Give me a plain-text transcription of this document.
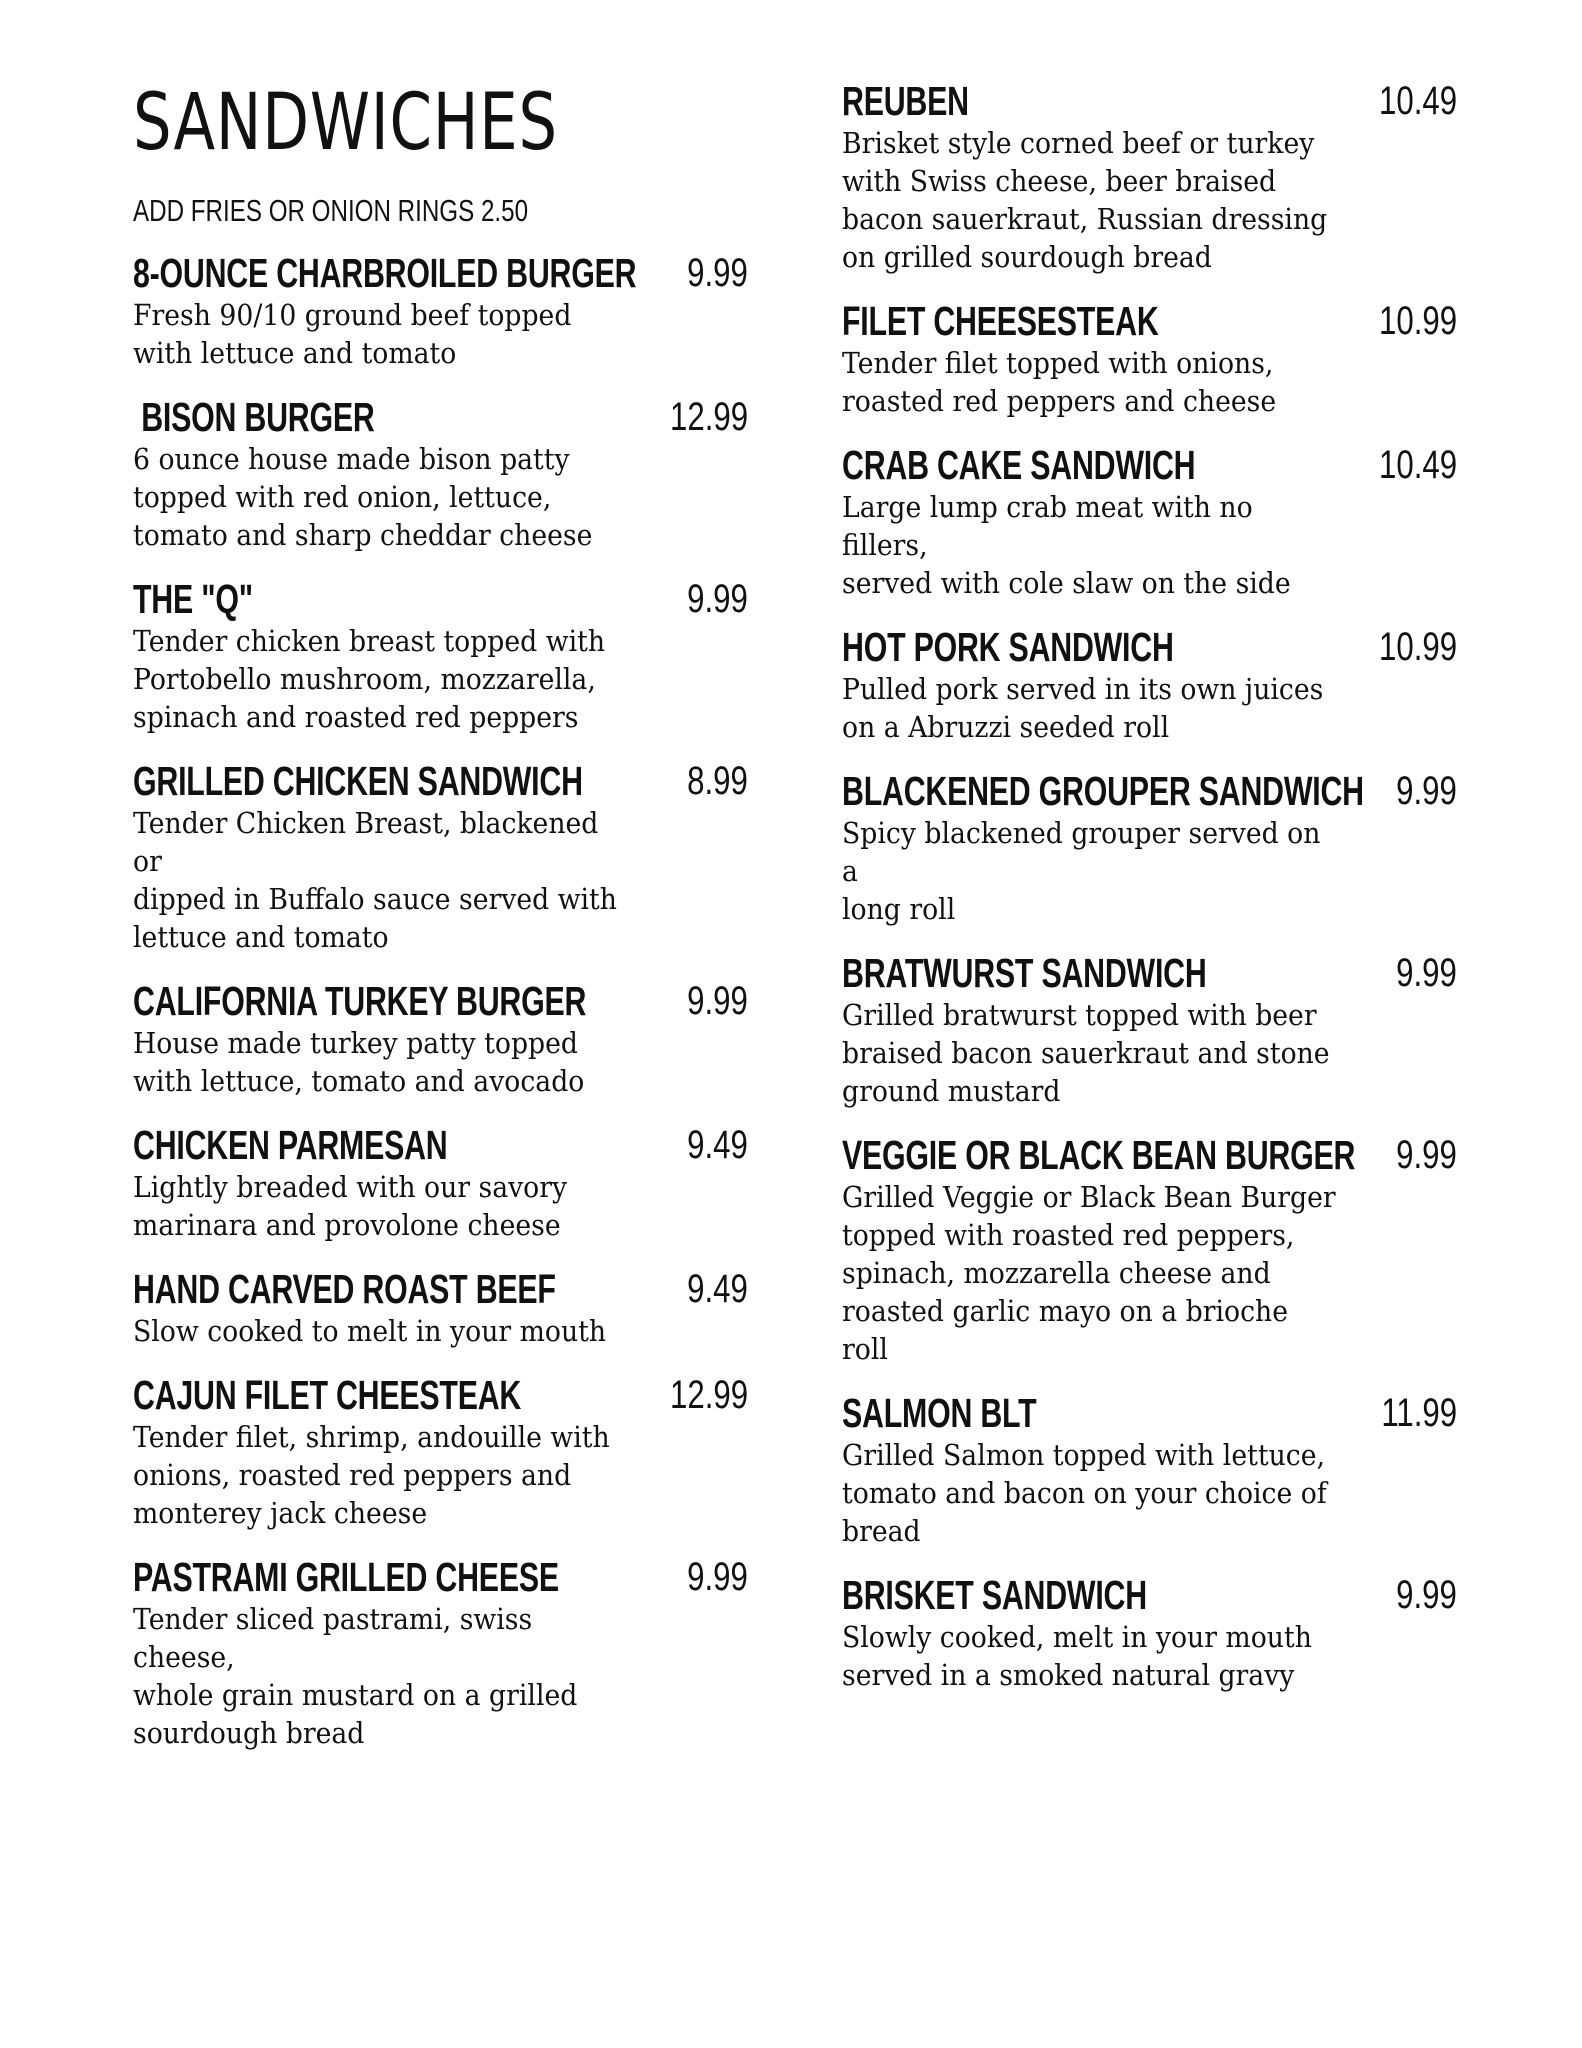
SANDWICHES
ADD FRIES OR ONION RINGS 2.50
8-OUNCE CHARBROILED BURGER 9.99
Fresh 90/10 ground beef topped
with lettuce and tomato
BISON BURGER	12.99
6 ounce house made bison patty
topped with red onion, lettuce,
tomato and sharp cheddar cheese
THE "Q"	9.99
Tender chicken breast topped with
Portobello mushroom, mozzarella,
spinach and roasted red peppers
GRILLED CHICKEN SANDWICH	8.99
Tender Chicken Breast, blackened or
dipped in Buffalo sauce served with
lettuce and tomato
CALIFORNIA TURKEY BURGER	9.99
House made turkey patty topped
with lettuce, tomato and avocado
CHICKEN PARMESAN	9.49
Lightly breaded with our savory
marinara and provolone cheese
HAND CARVED ROAST BEEF	9.49
Slow cooked to melt in your mouth
CAJUN FILET CHEESTEAK	12.99
Tender filet, shrimp, andouille with
onions, roasted red peppers and
monterey jack cheese
PASTRAMI GRILLED CHEESE	9.99
Tender sliced pastrami, swiss cheese,
whole grain mustard on a grilled
sourdough bread
REUBEN	10.49
Brisket style corned beef or turkey
with Swiss cheese, beer braised
bacon sauerkraut, Russian dressing
on grilled sourdough bread
FILET CHEESESTEAK	10.99
Tender filet topped with onions,
roasted red peppers and cheese
CRAB CAKE SANDWICH	10.49
Large lump crab meat with no fillers,
served with cole slaw on the side
HOT PORK SANDWICH	10.99
Pulled pork served in its own juices
on a Abruzzi seeded roll
BLACKENED GROUPER SANDWICH 9.99
Spicy blackened grouper served on a
long roll
BRATWURST SANDWICH	9.99
Grilled bratwurst topped with beer
braised bacon sauerkraut and stone
ground mustard
VEGGIE OR BLACK BEAN BURGER 9.99
Grilled Veggie or Black Bean Burger
topped with roasted red peppers,
spinach, mozzarella cheese and
roasted garlic mayo on a brioche roll
SALMON BLT	11.99
Grilled Salmon topped with lettuce,
tomato and bacon on your choice of
bread
BRISKET SANDWICH	9.99
Slowly cooked, melt in your mouth
served in a smoked natural gravy
